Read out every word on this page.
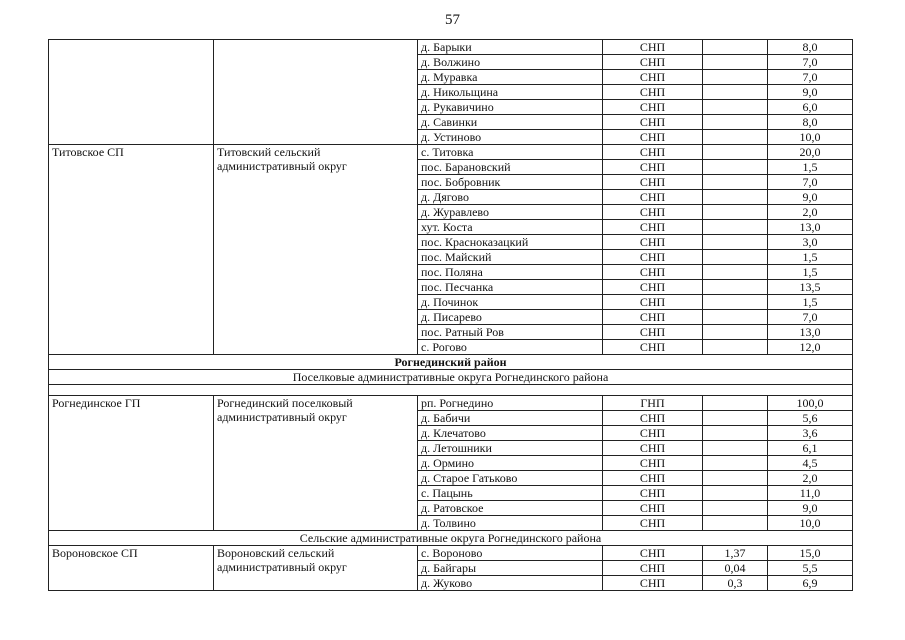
57
		д. Барыки	СНП		8,0
		д. Волжино	СНП		7,0
		д. Муравка	СНП		7,0
		д. Никольщина	СНП		9,0
		д. Рукавичино	СНП		6,0
		д. Савинки	СНП		8,0
		д. Устиново	СНП		10,0
Титовское СП	Титовский сельский административный округ	с. Титовка	СНП		20,0
		пос. Барановский	СНП		1,5
		пос. Бобровник	СНП		7,0
		д. Дягово	СНП		9,0
		д. Журавлево	СНП		2,0
		хут. Коста	СНП		13,0
		пос. Красноказацкий	СНП		3,0
		пос. Майский	СНП		1,5
		пос. Поляна	СНП		1,5
		пос. Песчанка	СНП		13,5
		д. Починок	СНП		1,5
		д. Писарево	СНП		7,0
		пос. Ратный Ров	СНП		13,0
		с. Рогово	СНП		12,0
Рогнединский район					
Поселковые административные округа Рогнединского района					

Рогнединское ГП	Рогнединский поселковый административный округ	рп. Рогнедино	ГНП		100,0
		д. Бабичи	СНП		5,6
		д. Клечатово	СНП		3,6
		д. Летошники	СНП		6,1
		д. Ормино	СНП		4,5
		д. Старое Гатьково	СНП		2,0
		с. Пацынь	СНП		11,0
		д. Ратовское	СНП		9,0
		д. Толвино	СНП		10,0
Сельские административные округа Рогнединского района					
Вороновское СП	Вороновский сельский административный округ	с. Вороново	СНП	1,37	15,0
		д. Байгары	СНП	0,04	5,5
		д. Жуково	СНП	0,3	6,9
